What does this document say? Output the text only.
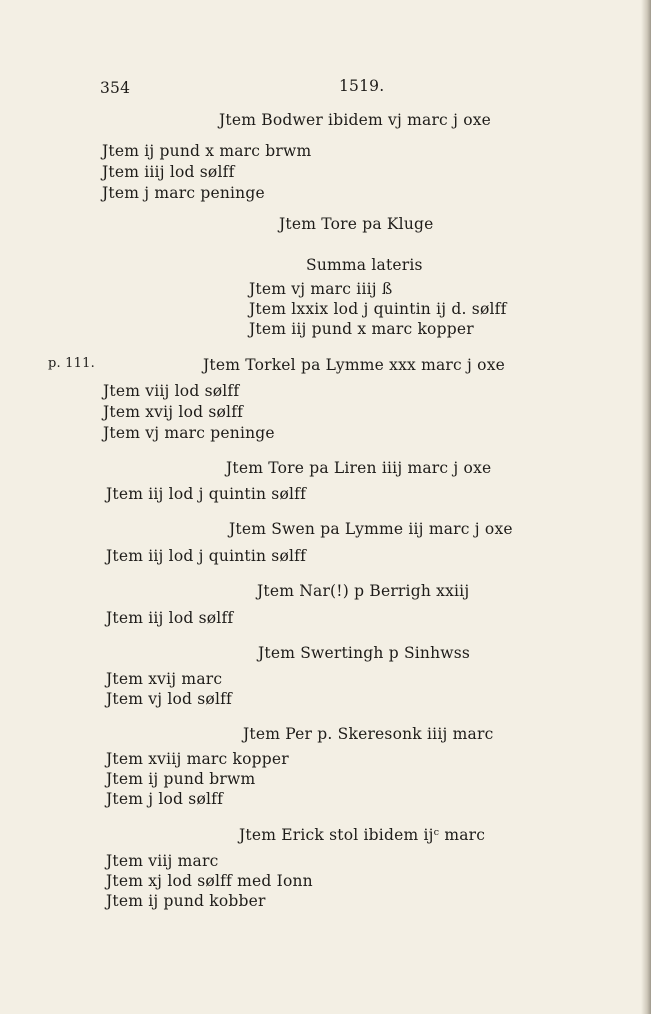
354	1519.
p. 111.
Jtem Bodwer ibidem vj marc j oxe
Jtem ij pund x marc brwm
Jtem iiij lod sølff
Jtem j marc peninge
Jtem Tore pa Kluge
Summa lateris
Jtem vj marc iiij ß
Jtem lxxix lod j quintin ij d. sølff
Jtem iij pund x marc kopper
Jtem Torkel pa Lymme xxx marc j oxe
Jtem viij lod sølff
Jtem xvij lod sølff
Jtem vj marc peninge
Jtem Tore pa Liren iiij marc j oxe
Jtem iij lod j quintin sølff
Jtem Swen pa Lymme iij marc j oxe
Jtem iij lod j quintin sølff
Jtem Nar(!) p Berrigh xxiij
Jtem iij lod sølff
Jtem Swertingh p Sinhwss
Jtem xvij marc
Jtem vj lod sølff
Jtem Per p. Skeresonk iiij marc
Jtem xviij marc kopper
Jtem ij pund brwm
Jtem j lod sølff
Jtem Erick stol ibidem ijᶜ marc
Jtem viij marc
Jtem xj lod sølff med Ionn
Jtem ij pund kobber
